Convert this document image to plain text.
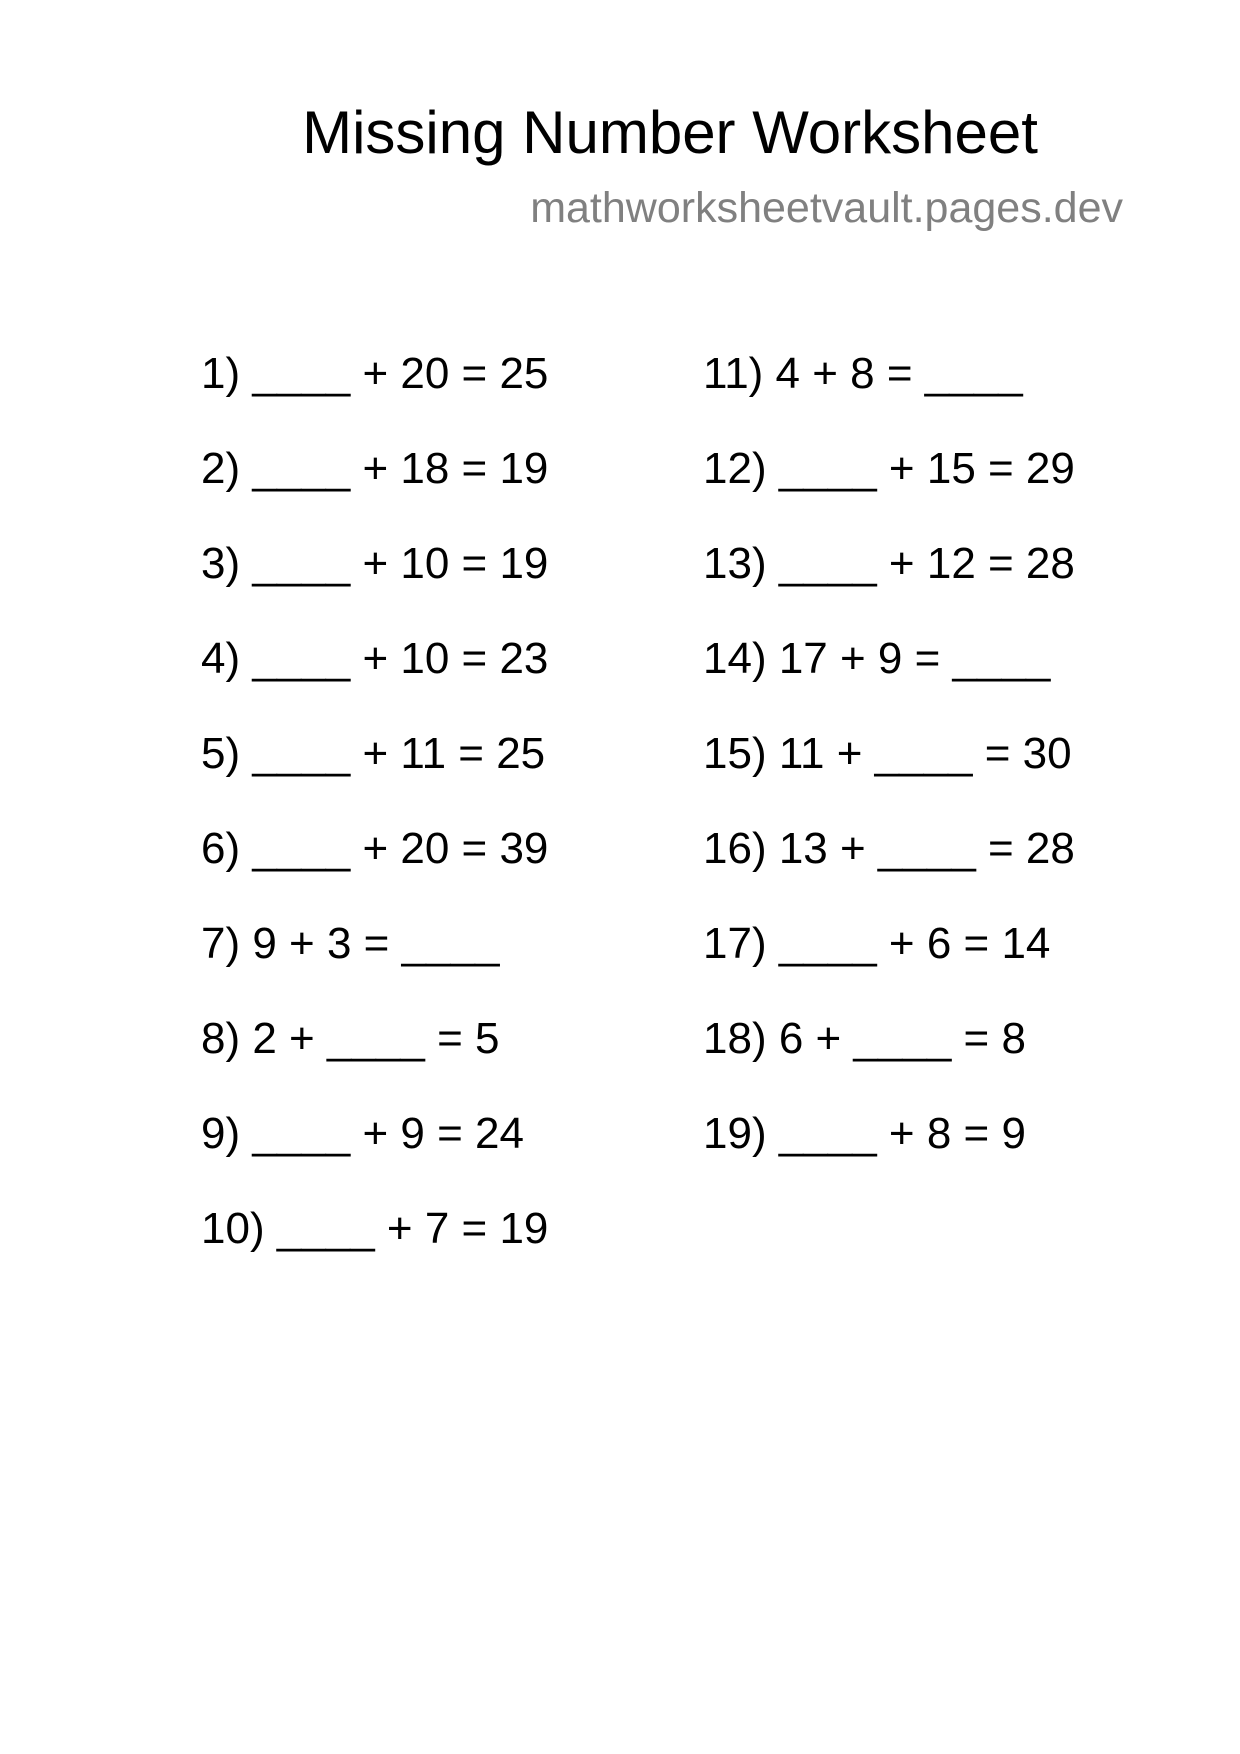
Missing Number Worksheet
mathworksheetvault.pages.dev
1) ____ + 20 = 25
2) ____ + 18 = 19
3) ____ + 10 = 19
4) ____ + 10 = 23
5) ____ + 11 = 25
6) ____ + 20 = 39
7) 9 + 3 = ____
8) 2 + ____ = 5
9) ____ + 9 = 24
10) ____ + 7 = 19
11) 4 + 8 = ____
12) ____ + 15 = 29
13) ____ + 12 = 28
14) 17 + 9 = ____
15) 11 + ____ = 30
16) 13 + ____ = 28
17) ____ + 6 = 14
18) 6 + ____ = 8
19) ____ + 8 = 9
